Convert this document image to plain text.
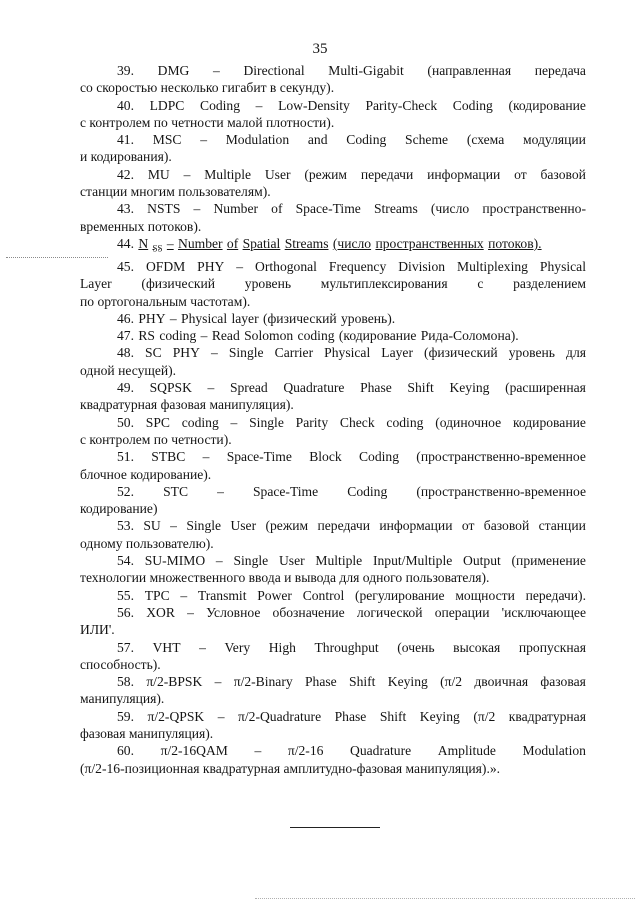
35
39. DMG – Directional Multi-Gigabit (направленная передача
со скоростью несколько гигабит в секунду).
40. LDPC Coding – Low-Density Parity-Check Coding (кодирование
с контролем по четности малой плотности).
41. MSC – Modulation and Coding Scheme (схема модуляции
и кодирования).
42. MU – Multiple User (режим передачи информации от базовой
станции многим пользователям).
43. NSTS – Number of Space-Time Streams (число пространственно-
временных потоков).
44. N $_{SS}$ – Number of Spatial Streams (число пространственных потоков).
45. OFDM PHY – Orthogonal Frequency Division Multiplexing Physical
Layer (физический уровень мультиплексирования с разделением
по ортогональным частотам).
46. PHY – Physical layer (физический уровень).
47. RS coding – Read Solomon coding (кодирование Рида-Соломона).
48. SC PHY – Single Carrier Physical Layer (физический уровень для
одной несущей).
49. SQPSK – Spread Quadrature Phase Shift Keying (расширенная
квадратурная фазовая манипуляция).
50. SPC coding – Single Parity Check coding (одиночное кодирование
с контролем по четности).
51. STBC – Space-Time Block Coding (пространственно-временное
блочное кодирование).
52. STC – Space-Time Coding (пространственно-временное
кодирование)
53. SU – Single User (режим передачи информации от базовой станции
одному пользователю).
54. SU-MIMO – Single User Multiple Input/Multiple Output (применение
технологии множественного ввода и вывода для одного пользователя).
55. TPC – Transmit Power Control (регулирование мощности передачи).
56. XOR – Условное обозначение логической операции 'исключающее
ИЛИ'.
57. VHT – Very High Throughput (очень высокая пропускная
способность).
58. π/2-BPSK – π/2-Binary Phase Shift Keying (π/2 двоичная фазовая
манипуляция).
59. π/2-QPSK – π/2-Quadrature Phase Shift Keying (π/2 квадратурная
фазовая манипуляция).
60. π/2-16QAM – π/2-16 Quadrature Amplitude Modulation
(π/2-16-позиционная квадратурная амплитудно-фазовая манипуляция).».
